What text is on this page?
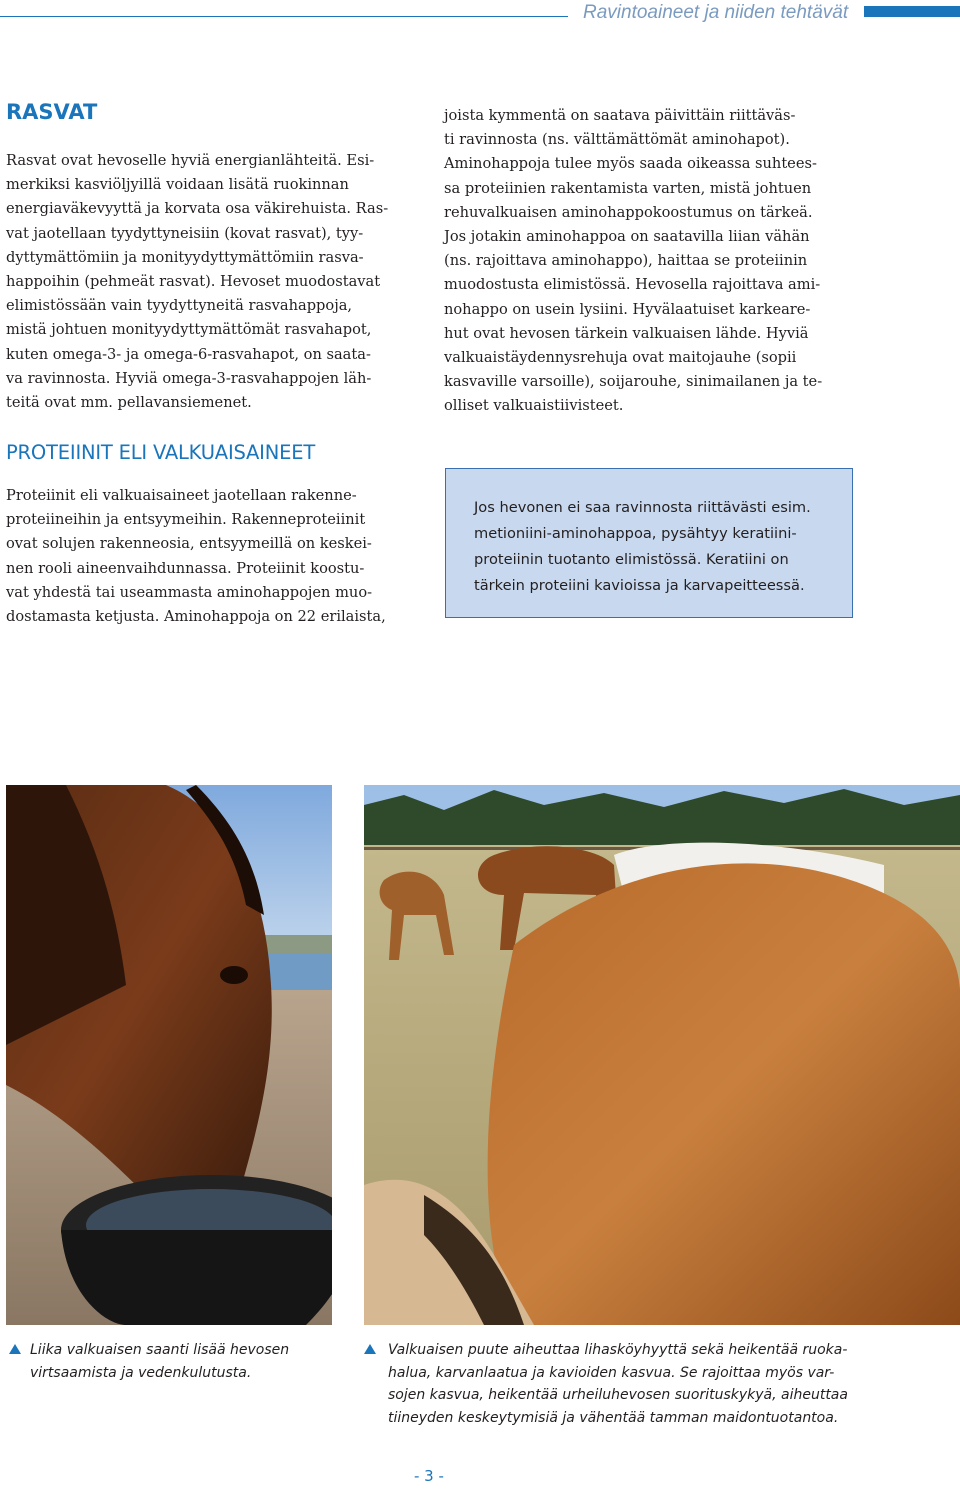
Ravintoaineet ja niiden tehtävät
RASVAT

Rasvat ovat hevoselle hyviä energianlähteitä. Esi-
merkiksi kasviöljyillä voidaan lisätä ruokinnan
energiaväkevyyttä ja korvata osa väkirehuista. Ras-
vat jaotellaan tyydyttyneisiin (kovat rasvat), tyy-
dyttymättömiin ja monityydyttymättömiin rasva-
happoihin (pehmeät rasvat). Hevoset muodostavat
elimistössään vain tyydyttyneitä rasvahappoja,
mistä johtuen monityydyttymättömät rasvahapot,
kuten omega-3- ja omega-6-rasvahapot, on saata-
va ravinnosta. Hyviä omega-3-rasvahappojen läh-
teitä ovat mm. pellavansiemenet.

PROTEIINIT ELI VALKUAISAINEET

Proteiinit eli valkuaisaineet jaotellaan rakenne-
proteiineihin ja entsyymeihin. Rakenneproteiinit
ovat solujen rakenneosia, entsyymeillä on keskei-
nen rooli aineenvaihdunnassa. Proteiinit koostu-
vat yhdestä tai useammasta aminohappojen muo-
dostamasta ketjusta. Aminohappoja on 22 erilaista,

joista kymmentä on saatava päivittäin riittäväs-
ti ravinnosta (ns. välttämättömät aminohapot).
Aminohappoja tulee myös saada oikeassa suhtees-
sa proteiinien rakentamista varten, mistä johtuen
rehuvalkuaisen aminohappokoostumus on tärkeä.
Jos jotakin aminohappoa on saatavilla liian vähän
(ns. rajoittava aminohappo), haittaa se proteiinin
muodostusta elimistössä. Hevosella rajoittava ami-
nohappo on usein lysiini. Hyvälaatuiset karkeare-
hut ovat hevosen tärkein valkuaisen lähde. Hyviä
valkuaistäydennysrehuja ovat maitojauhe (sopii
kasvaville varsoille), soijarouhe, sinimailanen ja te-
olliset valkuaistiivisteet.

Jos hevonen ei saa ravinnosta riittävästi esim.
metioniini-aminohappoa, pysähtyy keratiini-
proteiinin tuotanto elimistössä. Keratiini on
tärkein proteiini kavioissa ja karvapeitteessä.
Liika valkuaisen saanti lisää hevosen
virtsaamista ja vedenkulutusta.
Valkuaisen puute aiheuttaa lihasköyhyyttä sekä heikentää ruoka-
halua, karvanlaatua ja kavioiden kasvua. Se rajoittaa myös var-
sojen kasvua, heikentää urheiluhevosen suorituskykyä, aiheuttaa
tiineyden keskeytymisiä ja vähentää tamman maidontuotantoa.
- 3 -
